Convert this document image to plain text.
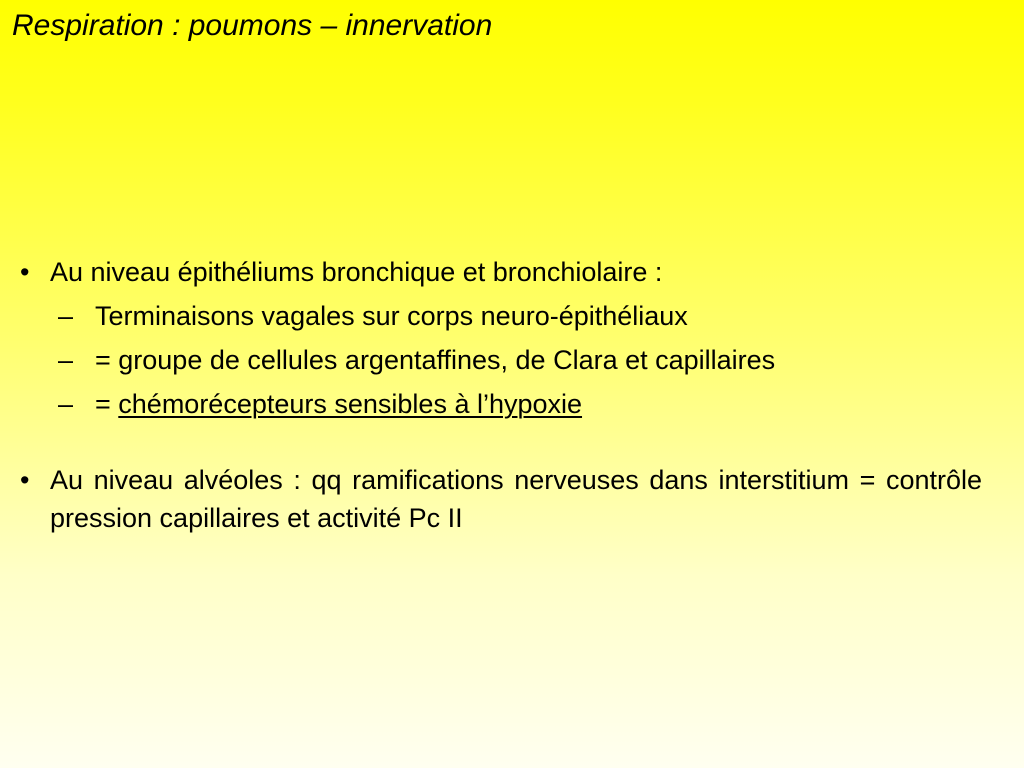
Respiration : poumons – innervation
• Au niveau épithéliums bronchique et bronchiolaire :
– Terminaisons vagales sur corps neuro-épithéliaux
– = groupe de cellules argentaffines, de Clara et capillaires
– = chémorécepteurs sensibles à l’hypoxie
• Au niveau alvéoles : qq ramifications nerveuses dans interstitium = contrôle pression capillaires et activité Pc II
